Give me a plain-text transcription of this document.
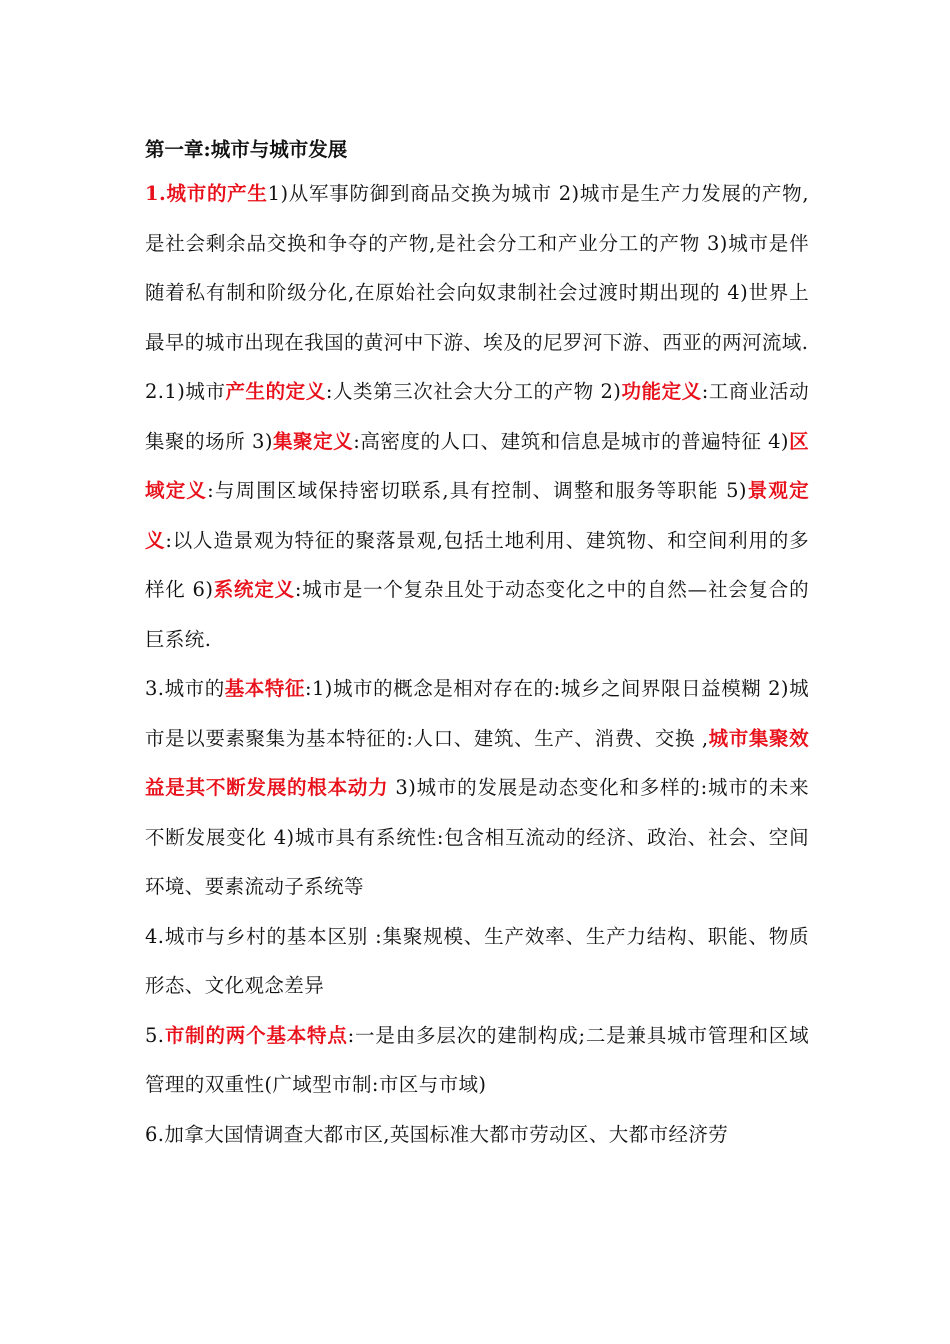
第一章:城市与城市发展

1.城市的产生1)从军事防御到商品交换为城市 2)城市是生产力发展的产物,是社会剩余品交换和争夺的产物,是社会分工和产业分工的产物 3)城市是伴随着私有制和阶级分化,在原始社会向奴隶制社会过渡时期出现的 4)世界上最早的城市出现在我国的黄河中下游、埃及的尼罗河下游、西亚的两河流域.

2.1)城市产生的定义:人类第三次社会大分工的产物 2)功能定义:工商业活动集聚的场所 3)集聚定义:高密度的人口、建筑和信息是城市的普遍特征 4)区域定义:与周围区域保持密切联系,具有控制、调整和服务等职能 5)景观定义:以人造景观为特征的聚落景观,包括土地利用、建筑物、和空间利用的多样化 6)系统定义:城市是一个复杂且处于动态变化之中的自然—社会复合的巨系统.

3.城市的基本特征:1)城市的概念是相对存在的:城乡之间界限日益模糊 2)城市是以要素聚集为基本特征的:人口、建筑、生产、消费、交换 ,城市集聚效益是其不断发展的根本动力 3)城市的发展是动态变化和多样的:城市的未来不断发展变化 4)城市具有系统性:包含相互流动的经济、政治、社会、空间环境、要素流动子系统等

4.城市与乡村的基本区别 :集聚规模、生产效率、生产力结构、职能、物质形态、文化观念差异

5.市制的两个基本特点:一是由多层次的建制构成;二是兼具城市管理和区域管理的双重性(广域型市制:市区与市域)

6.加拿大国情调查大都市区,英国标准大都市劳动区、大都市经济劳
